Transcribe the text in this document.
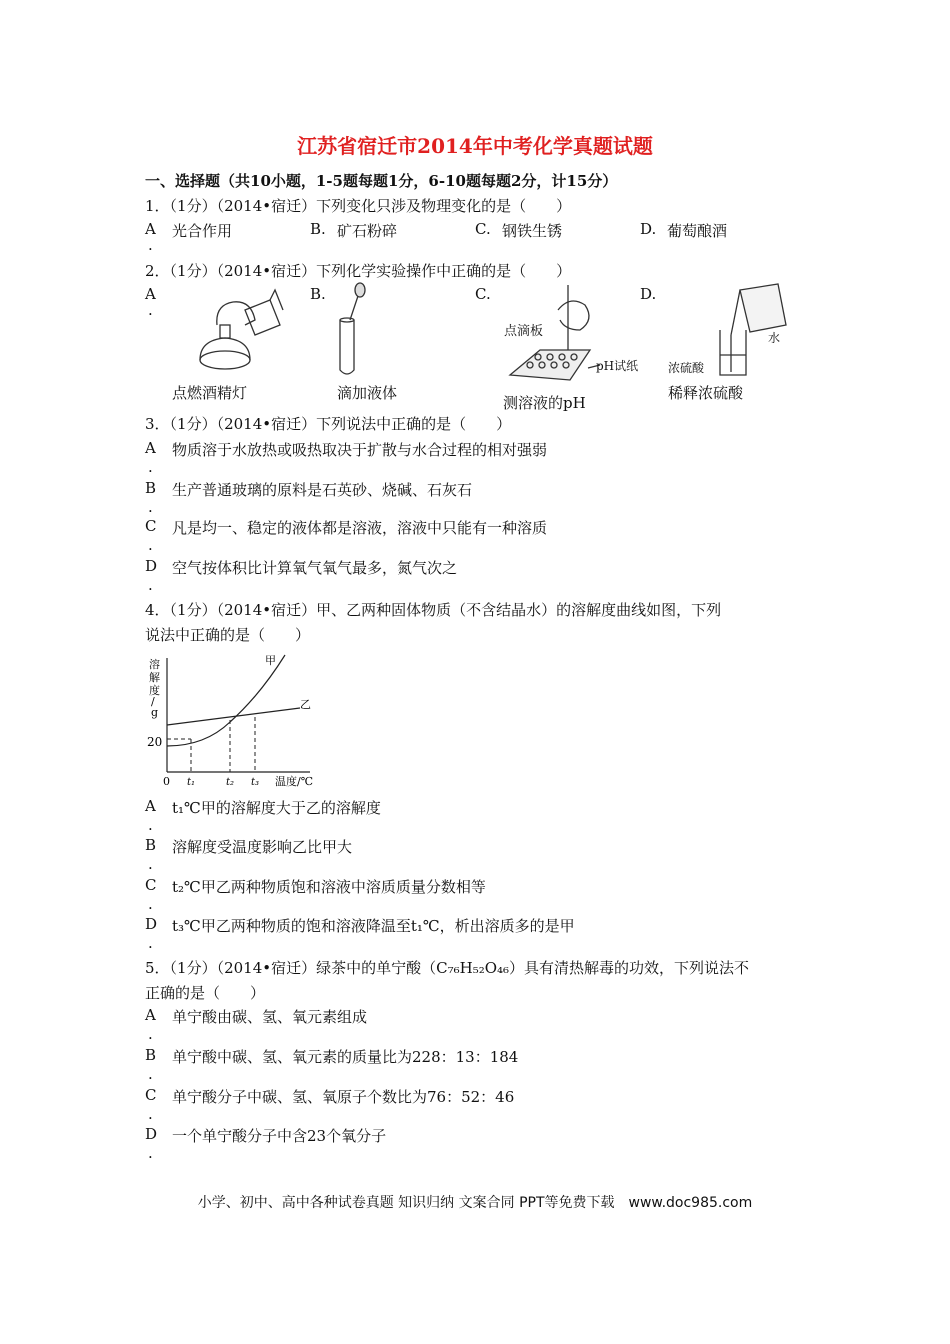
江苏省宿迁市2014年中考化学真题试题
一、选择题（共10小题，1-5题每题1分，6-10题每题2分，计15分）
1．（1分）（2014•宿迁）下列变化只涉及物理变化的是（　　）
A 光合作用	B. 矿石粉碎	C. 钢铁生锈	D. 葡萄酿酒
.
2．（1分）（2014•宿迁）下列化学实验操作中正确的是（　　）
A	B.	C.	D.
.
点燃酒精灯	滴加液体
点滴板
pH试纸
测溶液的pH
水
浓硫酸
稀释浓硫酸
3．（1分）（2014•宿迁）下列说法中正确的是（　　）
A 物质溶于水放热或吸热取决于扩散与水合过程的相对强弱
.
B 生产普通玻璃的原料是石英砂、烧碱、石灰石
.
C 凡是均一、稳定的液体都是溶液，溶液中只能有一种溶质
.
D 空气按体积比计算氧气氧气最多，氮气次之
.
4．（1分）（2014•宿迁）甲、乙两种固体物质（不含结晶水）的溶解度曲线如图，下列
说法中正确的是（　　）
溶
解
度
/
g
20
0 t₁	t₂ t₃ 温度/℃
甲
乙
A t₁℃甲的溶解度大于乙的溶解度
.
B 溶解度受温度影响乙比甲大
.
C t₂℃甲乙两种物质饱和溶液中溶质质量分数相等
.
D t₃℃甲乙两种物质的饱和溶液降温至t₁℃，析出溶质多的是甲
.
5．（1分）（2014•宿迁）绿茶中的单宁酸（C₇₆H₅₂O₄₆）具有清热解毒的功效，下列说法不
正确的是（　　）
A 单宁酸由碳、氢、氧元素组成
.
B 单宁酸中碳、氢、氧元素的质量比为228：13：184
.
C 单宁酸分子中碳、氢、氧原子个数比为76：52：46
.
D 一个单宁酸分子中含23个氧分子
.
小学、初中、高中各种试卷真题 知识归纳 文案合同 PPT等免费下载　www.doc985.com
